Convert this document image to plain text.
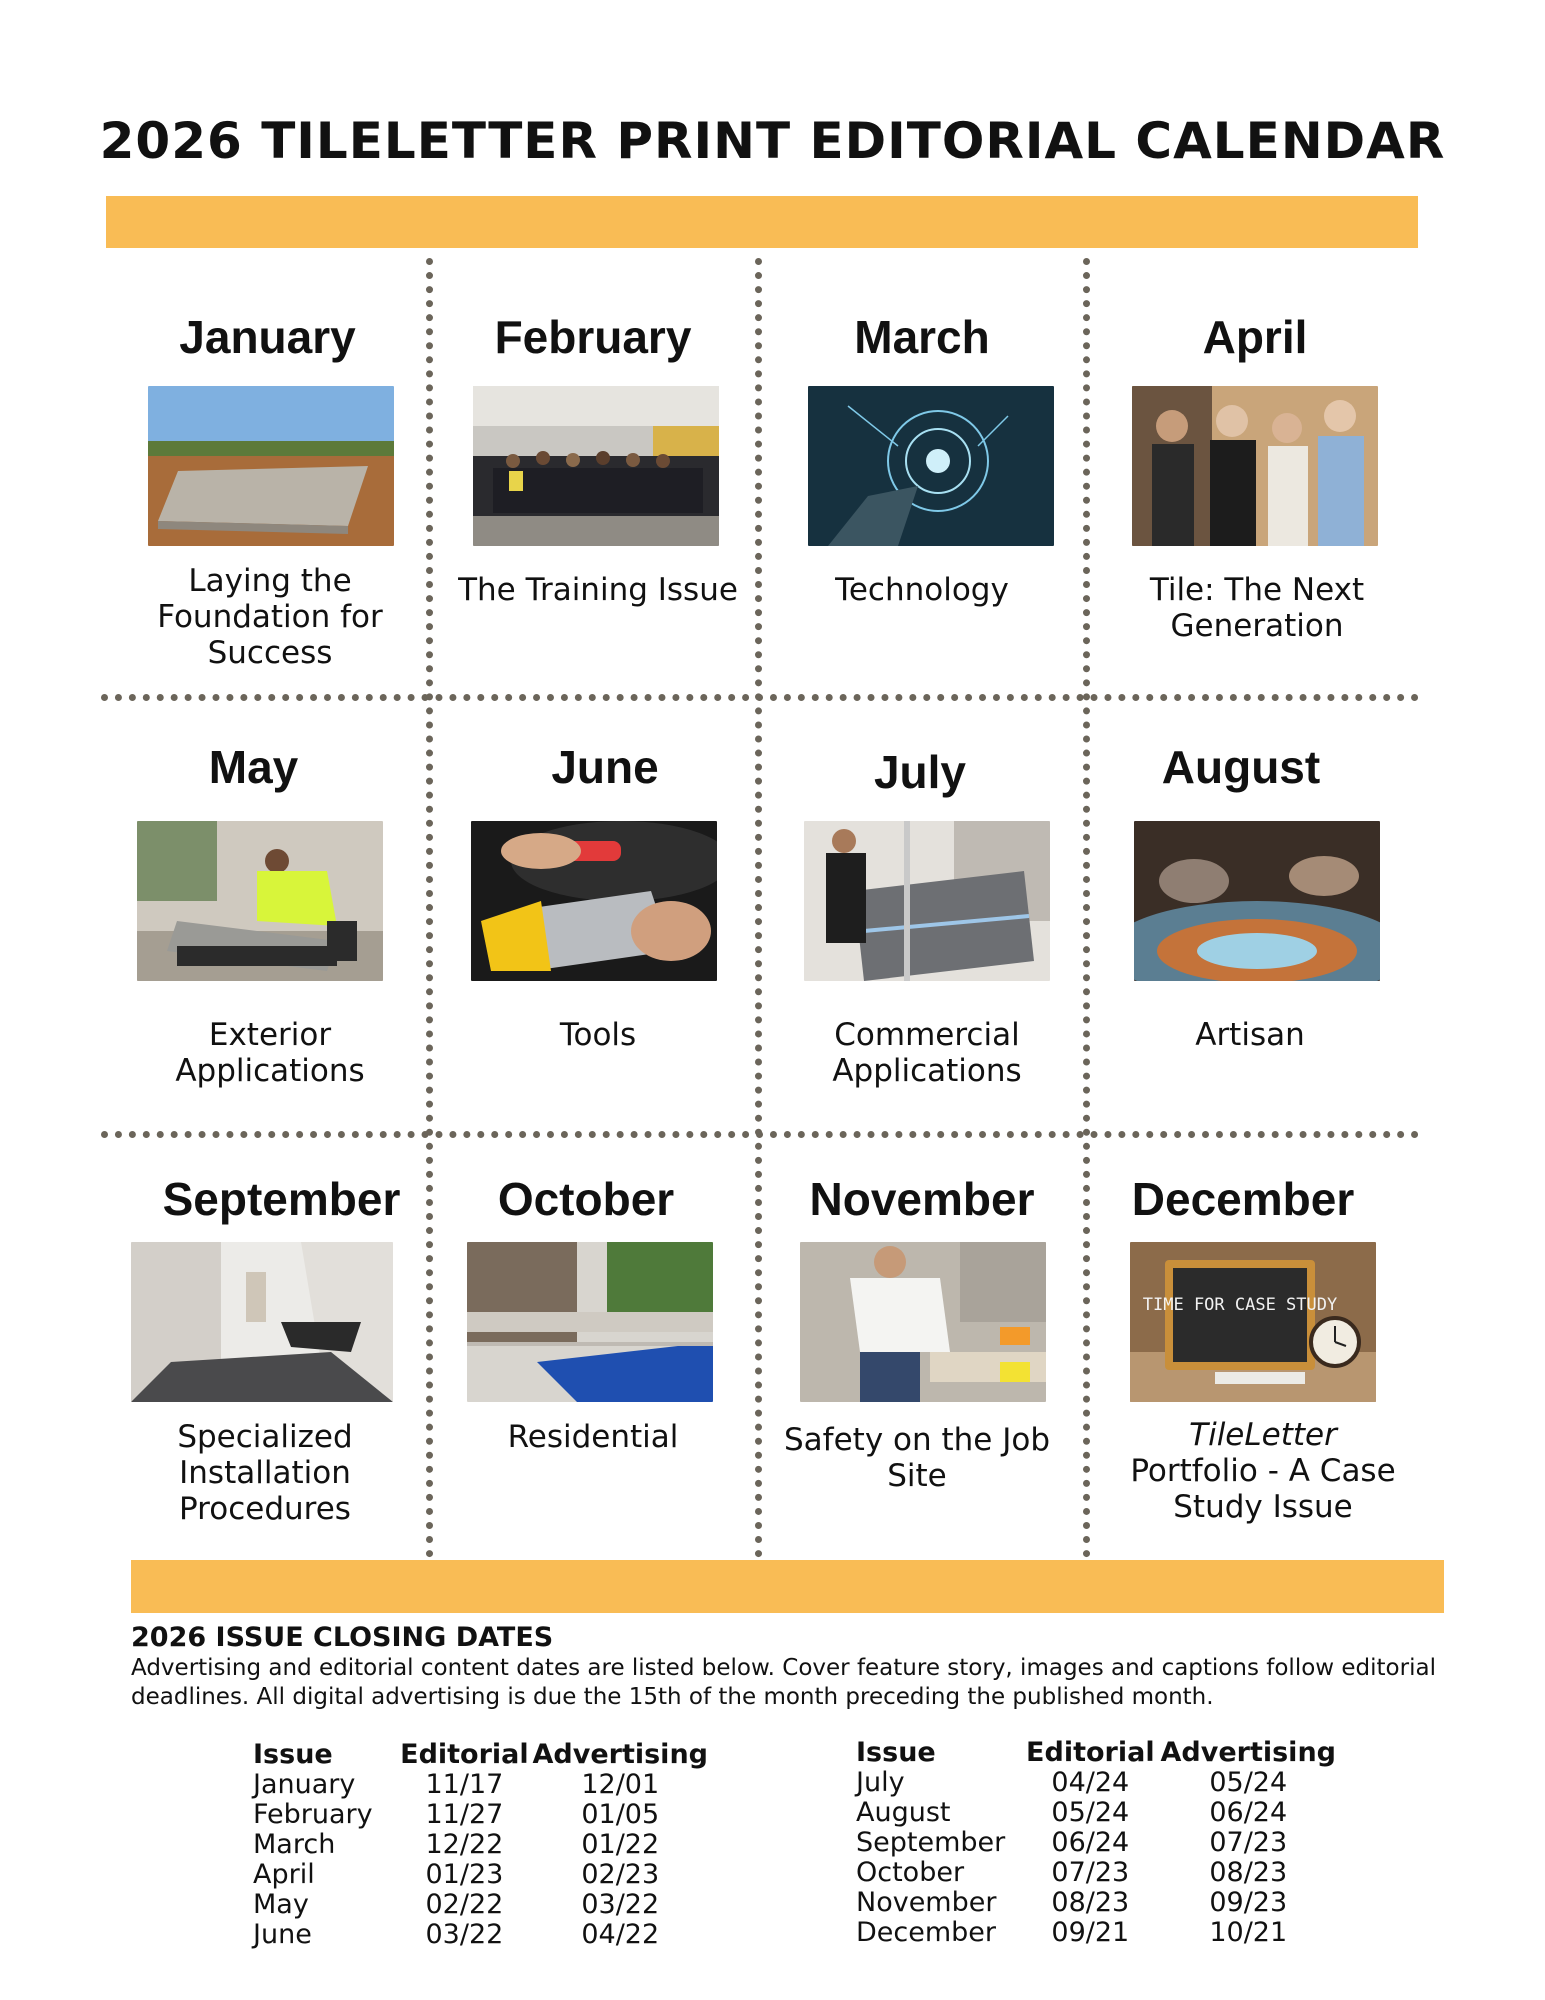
2026 TILELETTER PRINT EDITORIAL CALENDAR
January
Laying the Foundation for Success
February
The Training Issue
March
Technology
April
Tile: The Next Generation
May
Exterior Applications
June
Tools
July
Commercial Applications
August
Artisan
September
Specialized Installation Procedures
October
Residential
November
Safety on the Job Site
December
TIME FOR CASE STUDY
TileLetter
Portfolio - A Case Study Issue
2026 ISSUE CLOSING DATES
Advertising and editorial content dates are listed below. Cover feature story, images and captions follow editorial deadlines. All digital advertising is due the 15th of the month preceding the published month.
Issue	Editorial	Advertising
January	11/17	12/01
February	11/27	01/05
March	12/22	01/22
April	01/23	02/23
May	02/22	03/22
June	03/22	04/22
Issue	Editorial	Advertising
July	04/24	05/24
August	05/24	06/24
September	06/24	07/23
October	07/23	08/23
November	08/23	09/23
December	09/21	10/21
